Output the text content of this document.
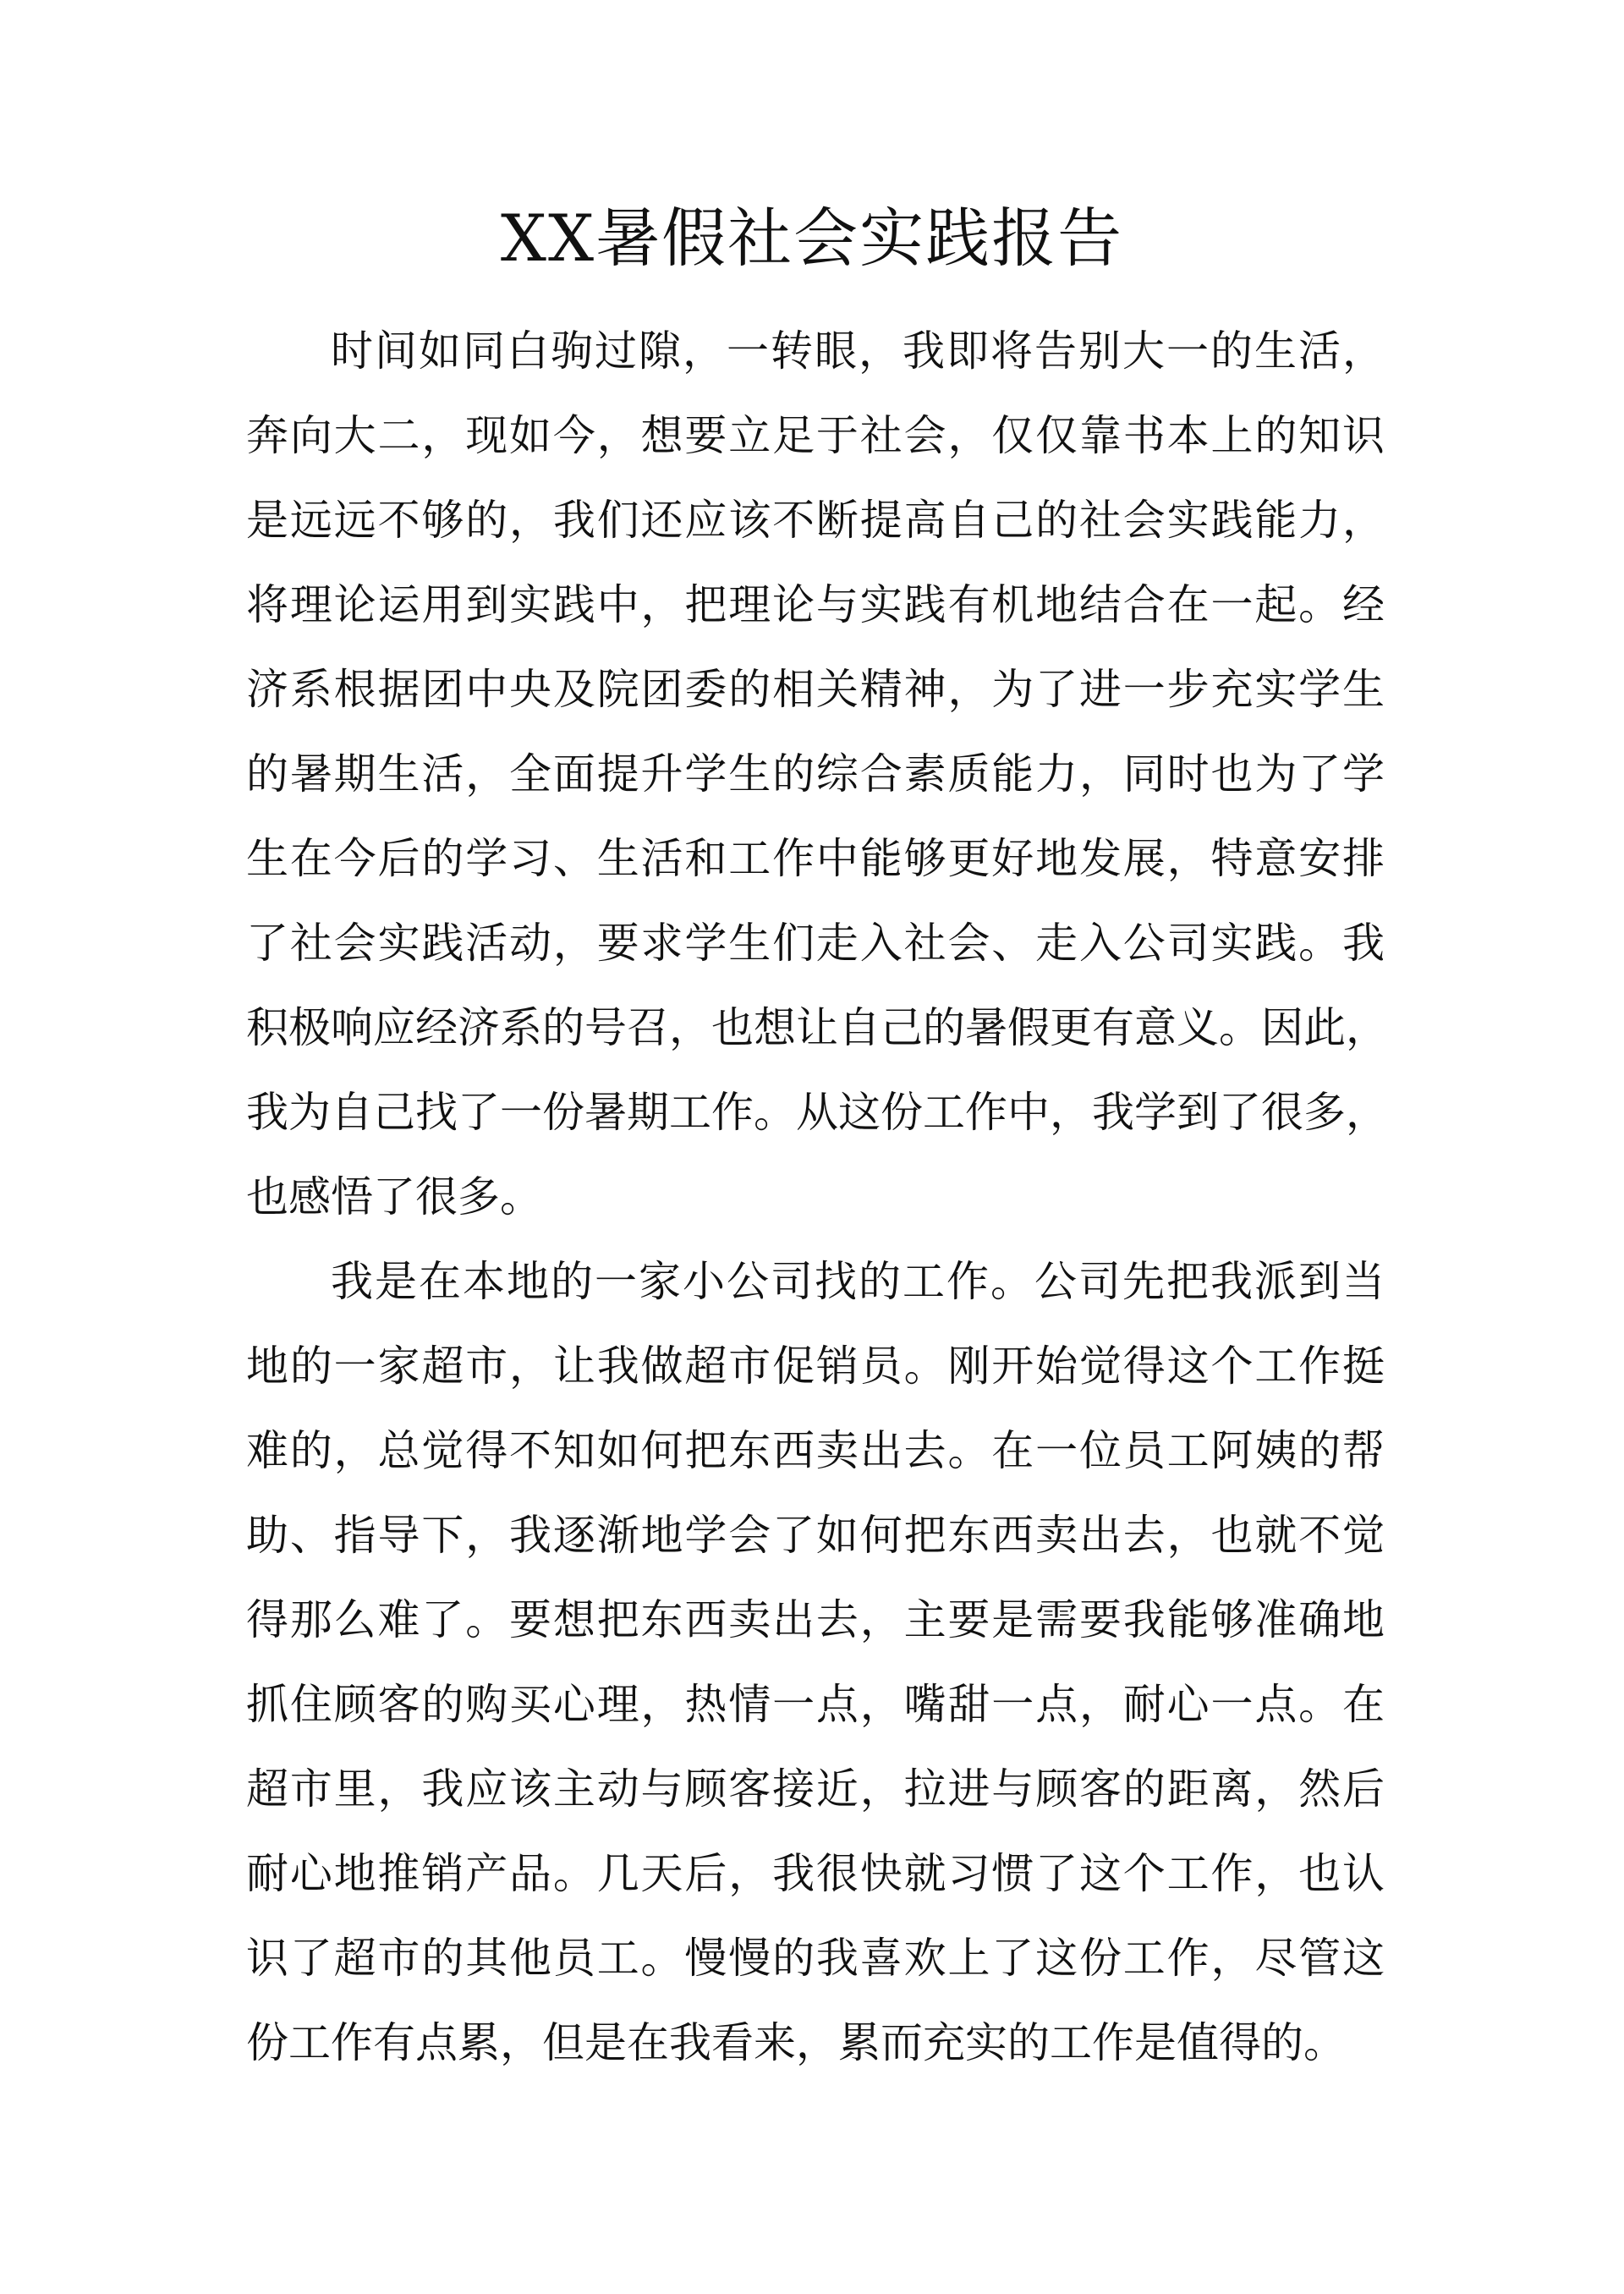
XX暑假社会实践报告
时间如同白驹过隙，一转眼，我即将告别大一的生活，
奔向大二，现如今，想要立足于社会，仅仅靠书本上的知识
是远远不够的，我们还应该不断提高自己的社会实践能力，
将理论运用到实践中，把理论与实践有机地结合在一起。经
济系根据团中央及院团委的相关精神，为了进一步充实学生
的暑期生活，全面提升学生的综合素质能力，同时也为了学
生在今后的学习、生活和工作中能够更好地发展，特意安排
了社会实践活动，要求学生们走入社会、走入公司实践。我
积极响应经济系的号召，也想让自己的暑假更有意义。因此，
我为自己找了一份暑期工作。从这份工作中，我学到了很多，
也感悟了很多。
我是在本地的一家小公司找的工作。公司先把我派到当
地的一家超市，让我做超市促销员。刚开始觉得这个工作挺
难的，总觉得不知如何把东西卖出去。在一位员工阿姨的帮
助、指导下，我逐渐地学会了如何把东西卖出去，也就不觉
得那么难了。要想把东西卖出去，主要是需要我能够准确地
抓住顾客的购买心理，热情一点，嘴甜一点，耐心一点。在
超市里，我应该主动与顾客接近，拉进与顾客的距离，然后
耐心地推销产品。几天后，我很快就习惯了这个工作，也认
识了超市的其他员工。慢慢的我喜欢上了这份工作，尽管这
份工作有点累，但是在我看来，累而充实的工作是值得的。
